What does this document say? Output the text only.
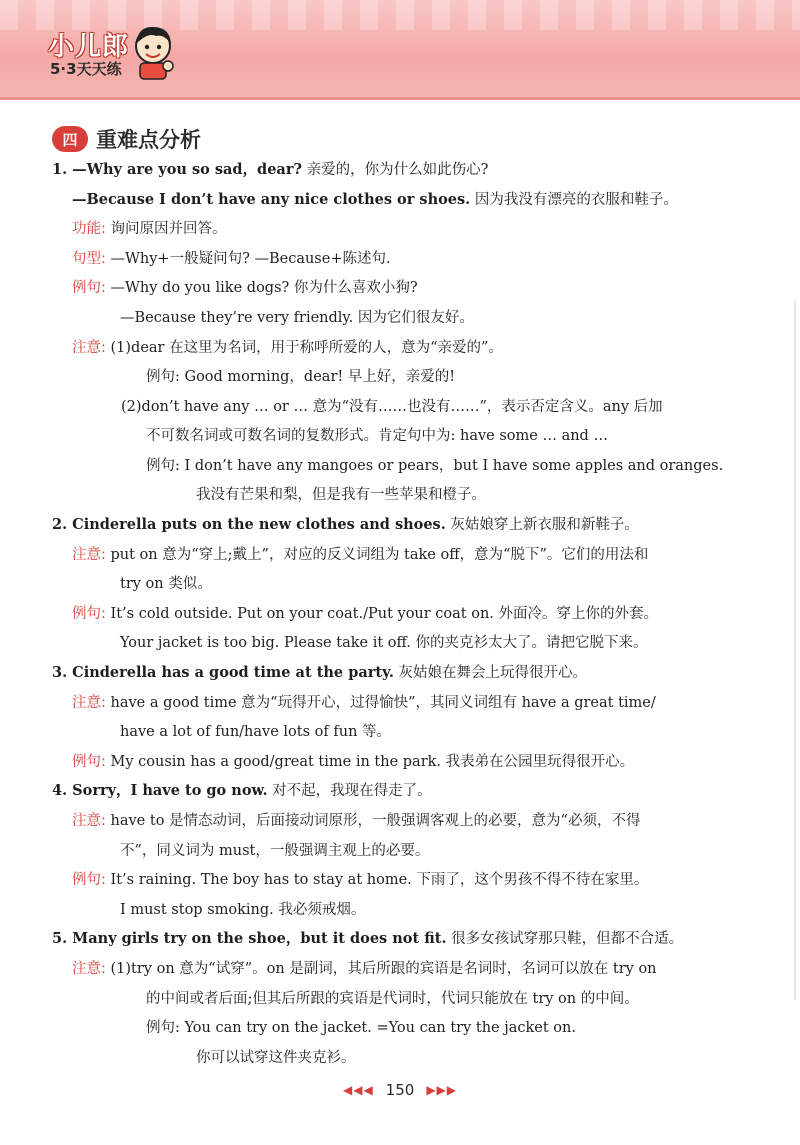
小儿郎
5·3天天练
四 重难点分析
1. —Why are you so sad，dear? 亲爱的，你为什么如此伤心?
—Because I don’t have any nice clothes or shoes. 因为我没有漂亮的衣服和鞋子。
功能: 询问原因并回答。
句型: —Why+一般疑问句? —Because+陈述句.
例句: —Why do you like dogs? 你为什么喜欢小狗?
—Because they’re very friendly. 因为它们很友好。
注意: (1)dear 在这里为名词，用于称呼所爱的人，意为“亲爱的”。
例句: Good morning，dear! 早上好，亲爱的!
(2)don’t have any … or … 意为“没有……也没有……”，表示否定含义。any 后加
不可数名词或可数名词的复数形式。肯定句中为: have some … and …
例句: I don’t have any mangoes or pears，but I have some apples and oranges.
我没有芒果和梨，但是我有一些苹果和橙子。
2. Cinderella puts on the new clothes and shoes. 灰姑娘穿上新衣服和新鞋子。
注意: put on 意为“穿上;戴上”，对应的反义词组为 take off，意为“脱下”。它们的用法和
try on 类似。
例句: It’s cold outside. Put on your coat./Put your coat on. 外面冷。穿上你的外套。
Your jacket is too big. Please take it off. 你的夹克衫太大了。请把它脱下来。
3. Cinderella has a good time at the party. 灰姑娘在舞会上玩得很开心。
注意: have a good time 意为“玩得开心，过得愉快”，其同义词组有 have a great time/
have a lot of fun/have lots of fun 等。
例句: My cousin has a good/great time in the park. 我表弟在公园里玩得很开心。
4. Sorry，I have to go now. 对不起，我现在得走了。
注意: have to 是情态动词，后面接动词原形，一般强调客观上的必要，意为“必须，不得
不”，同义词为 must，一般强调主观上的必要。
例句: It’s raining. The boy has to stay at home. 下雨了，这个男孩不得不待在家里。
I must stop smoking. 我必须戒烟。
5. Many girls try on the shoe，but it does not fit. 很多女孩试穿那只鞋，但都不合适。
注意: (1)try on 意为“试穿”。on 是副词，其后所跟的宾语是名词时，名词可以放在 try on
的中间或者后面;但其后所跟的宾语是代词时，代词只能放在 try on 的中间。
例句: You can try on the jacket. =You can try the jacket on.
你可以试穿这件夹克衫。
◀◀◀ 150 ▶▶▶
